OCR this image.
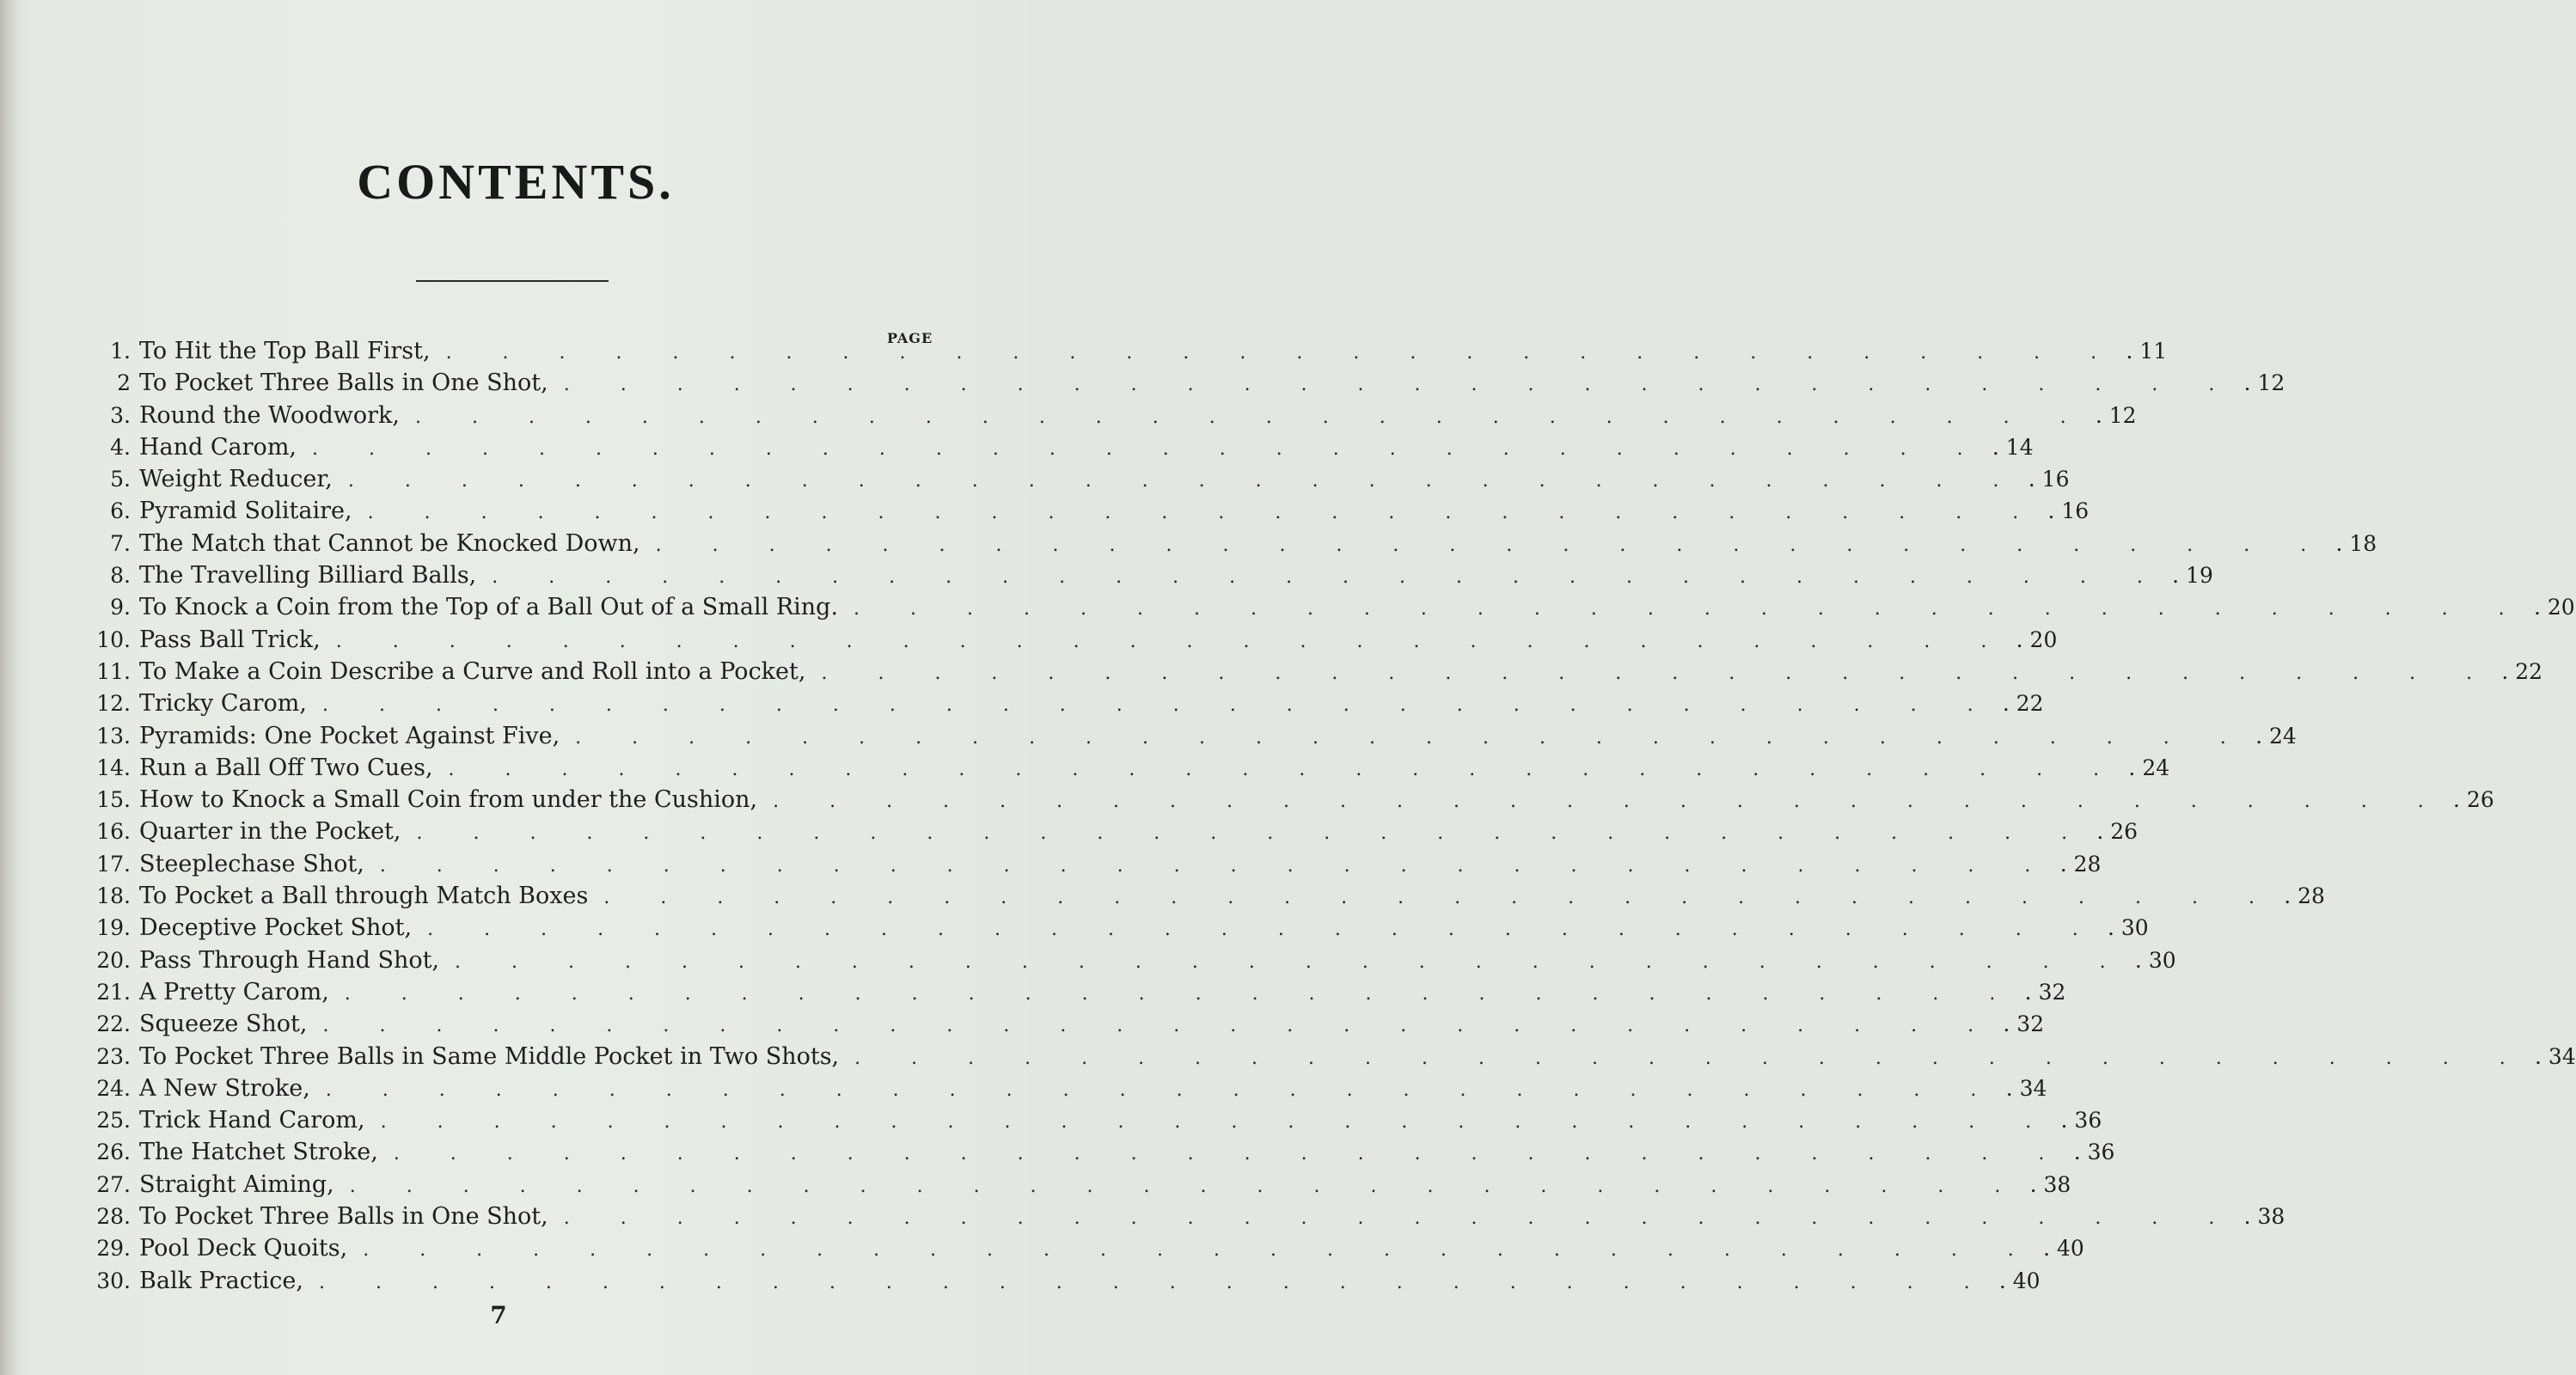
CONTENTS.
PAGE
1. To Hit the Top Ball First, . . . . . . . . . . . . . . . . . . . . . . . . . . . . . . . 11
2 To Pocket Three Balls in One Shot, . . . . . . . . . . . . . . . . . . . . . . . . . . . . . . . 12
3. Round the Woodwork, . . . . . . . . . . . . . . . . . . . . . . . . . . . . . . . 12
4. Hand Carom, . . . . . . . . . . . . . . . . . . . . . . . . . . . . . . . 14
5. Weight Reducer, . . . . . . . . . . . . . . . . . . . . . . . . . . . . . . . 16
6. Pyramid Solitaire, . . . . . . . . . . . . . . . . . . . . . . . . . . . . . . . 16
7. The Match that Cannot be Knocked Down, . . . . . . . . . . . . . . . . . . . . . . . . . . . . . . . 18
8. The Travelling Billiard Balls, . . . . . . . . . . . . . . . . . . . . . . . . . . . . . . . 19
9. To Knock a Coin from the Top of a Ball Out of a Small Ring. . . . . . . . . . . . . . . . . . . . . . . . . . . . . . . . 20
10. Pass Ball Trick, . . . . . . . . . . . . . . . . . . . . . . . . . . . . . . . 20
11. To Make a Coin Describe a Curve and Roll into a Pocket, . . . . . . . . . . . . . . . . . . . . . . . . . . . . . . . 22
12. Tricky Carom, . . . . . . . . . . . . . . . . . . . . . . . . . . . . . . . 22
13. Pyramids: One Pocket Against Five, . . . . . . . . . . . . . . . . . . . . . . . . . . . . . . . 24
14. Run a Ball Off Two Cues, . . . . . . . . . . . . . . . . . . . . . . . . . . . . . . . 24
15. How to Knock a Small Coin from under the Cushion, . . . . . . . . . . . . . . . . . . . . . . . . . . . . . . . 26
16. Quarter in the Pocket, . . . . . . . . . . . . . . . . . . . . . . . . . . . . . . . 26
17. Steeplechase Shot, . . . . . . . . . . . . . . . . . . . . . . . . . . . . . . . 28
18. To Pocket a Ball through Match Boxes . . . . . . . . . . . . . . . . . . . . . . . . . . . . . . . 28
19. Deceptive Pocket Shot, . . . . . . . . . . . . . . . . . . . . . . . . . . . . . . . 30
20. Pass Through Hand Shot, . . . . . . . . . . . . . . . . . . . . . . . . . . . . . . . 30
21. A Pretty Carom, . . . . . . . . . . . . . . . . . . . . . . . . . . . . . . . 32
22. Squeeze Shot, . . . . . . . . . . . . . . . . . . . . . . . . . . . . . . . 32
23. To Pocket Three Balls in Same Middle Pocket in Two Shots, . . . . . . . . . . . . . . . . . . . . . . . . . . . . . . . 34
24. A New Stroke, . . . . . . . . . . . . . . . . . . . . . . . . . . . . . . . 34
25. Trick Hand Carom, . . . . . . . . . . . . . . . . . . . . . . . . . . . . . . . 36
26. The Hatchet Stroke, . . . . . . . . . . . . . . . . . . . . . . . . . . . . . . . 36
27. Straight Aiming, . . . . . . . . . . . . . . . . . . . . . . . . . . . . . . . 38
28. To Pocket Three Balls in One Shot, . . . . . . . . . . . . . . . . . . . . . . . . . . . . . . . 38
29. Pool Deck Quoits, . . . . . . . . . . . . . . . . . . . . . . . . . . . . . . . 40
30. Balk Practice, . . . . . . . . . . . . . . . . . . . . . . . . . . . . . . . 40
7
